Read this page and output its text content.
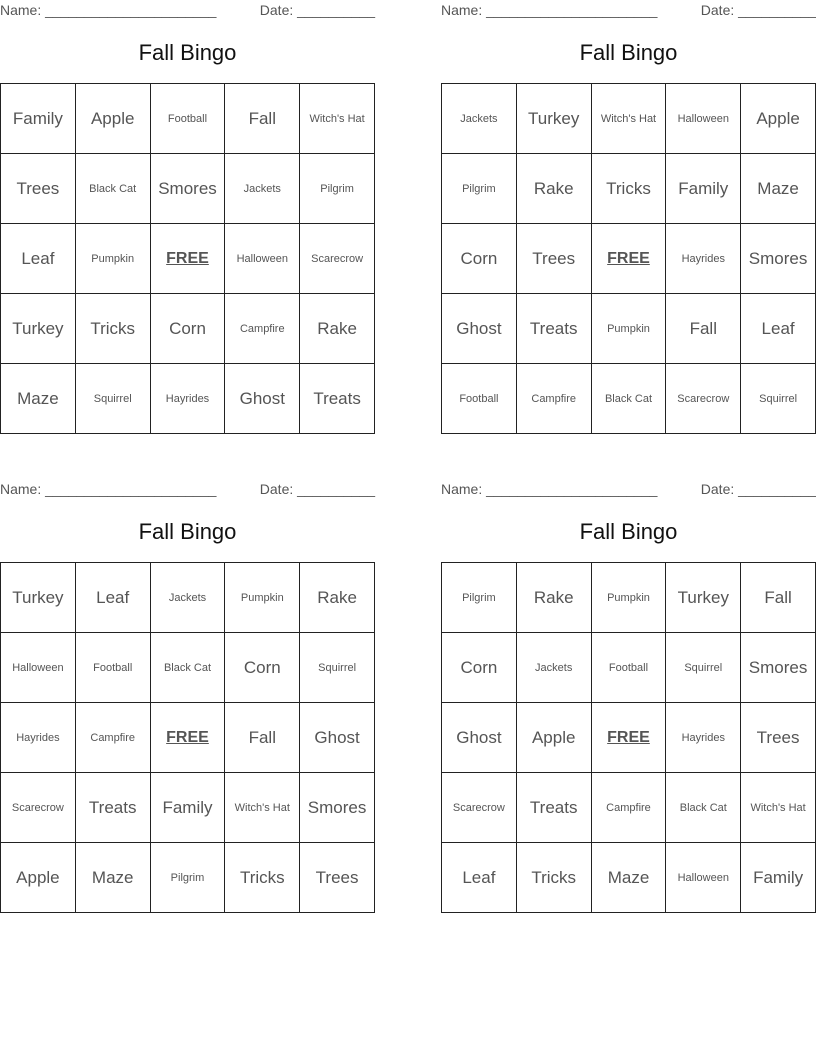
Name: ______________________	Date: __________
Fall Bingo
Family	Apple	Football	Fall	Witch's Hat
Trees	Black Cat	Smores	Jackets	Pilgrim
Leaf	Pumpkin	FREE	Halloween	Scarecrow
Turkey	Tricks	Corn	Campfire	Rake
Maze	Squirrel	Hayrides	Ghost	Treats
Name: ______________________	Date: __________
Fall Bingo
Jackets	Turkey	Witch's Hat	Halloween	Apple
Pilgrim	Rake	Tricks	Family	Maze
Corn	Trees	FREE	Hayrides	Smores
Ghost	Treats	Pumpkin	Fall	Leaf
Football	Campfire	Black Cat	Scarecrow	Squirrel
Name: ______________________	Date: __________
Fall Bingo
Turkey	Leaf	Jackets	Pumpkin	Rake
Halloween	Football	Black Cat	Corn	Squirrel
Hayrides	Campfire	FREE	Fall	Ghost
Scarecrow	Treats	Family	Witch's Hat	Smores
Apple	Maze	Pilgrim	Tricks	Trees
Name: ______________________	Date: __________
Fall Bingo
Pilgrim	Rake	Pumpkin	Turkey	Fall
Corn	Jackets	Football	Squirrel	Smores
Ghost	Apple	FREE	Hayrides	Trees
Scarecrow	Treats	Campfire	Black Cat	Witch's Hat
Leaf	Tricks	Maze	Halloween	Family
